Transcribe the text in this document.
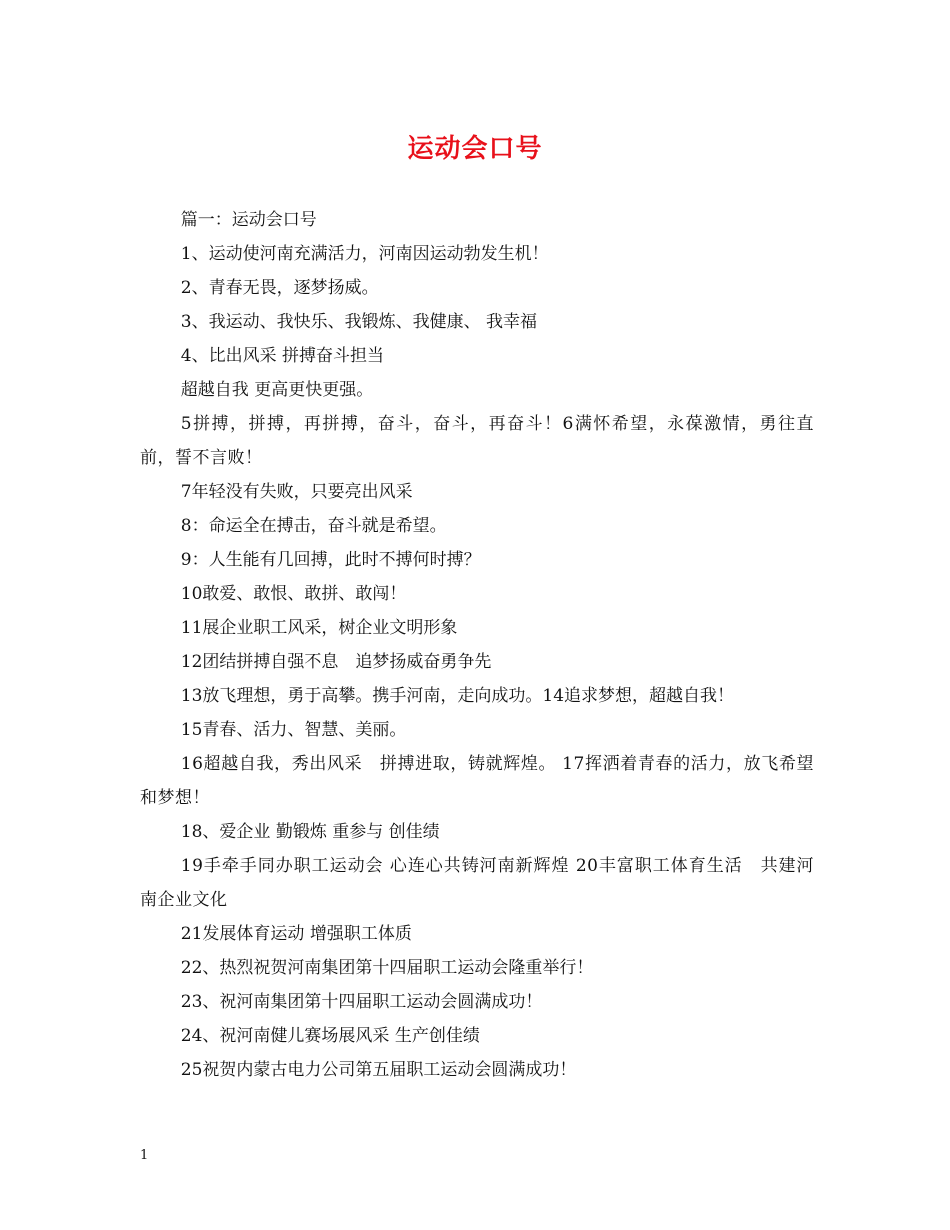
运动会口号

篇一：运动会口号

1、运动使河南充满活力，河南因运动勃发生机！

2、青春无畏，逐梦扬威。

3、我运动、我快乐、我锻炼、我健康、 我幸福

4、比出风采 拼搏奋斗担当

超越自我 更高更快更强。

5拼搏，拼搏，再拼搏，奋斗，奋斗，再奋斗！6满怀希望，永葆激情，勇往直前，誓不言败！

7年轻没有失败，只要亮出风采

8：命运全在搏击，奋斗就是希望。

9：人生能有几回搏，此时不搏何时搏？

10敢爱、敢恨、敢拼、敢闯！

11展企业职工风采，树企业文明形象

12团结拼搏自强不息　追梦扬威奋勇争先

13放飞理想，勇于高攀。携手河南，走向成功。14追求梦想，超越自我！

15青春、活力、智慧、美丽。

16超越自我，秀出风采　拼搏进取，铸就辉煌。 17挥洒着青春的活力，放飞希望和梦想！

18、爱企业 勤锻炼 重参与 创佳绩

19手牵手同办职工运动会 心连心共铸河南新辉煌 20丰富职工体育生活　共建河南企业文化

21发展体育运动 增强职工体质

22、热烈祝贺河南集团第十四届职工运动会隆重举行！

23、祝河南集团第十四届职工运动会圆满成功！

24、祝河南健儿赛场展风采 生产创佳绩

25祝贺内蒙古电力公司第五届职工运动会圆满成功！

1
